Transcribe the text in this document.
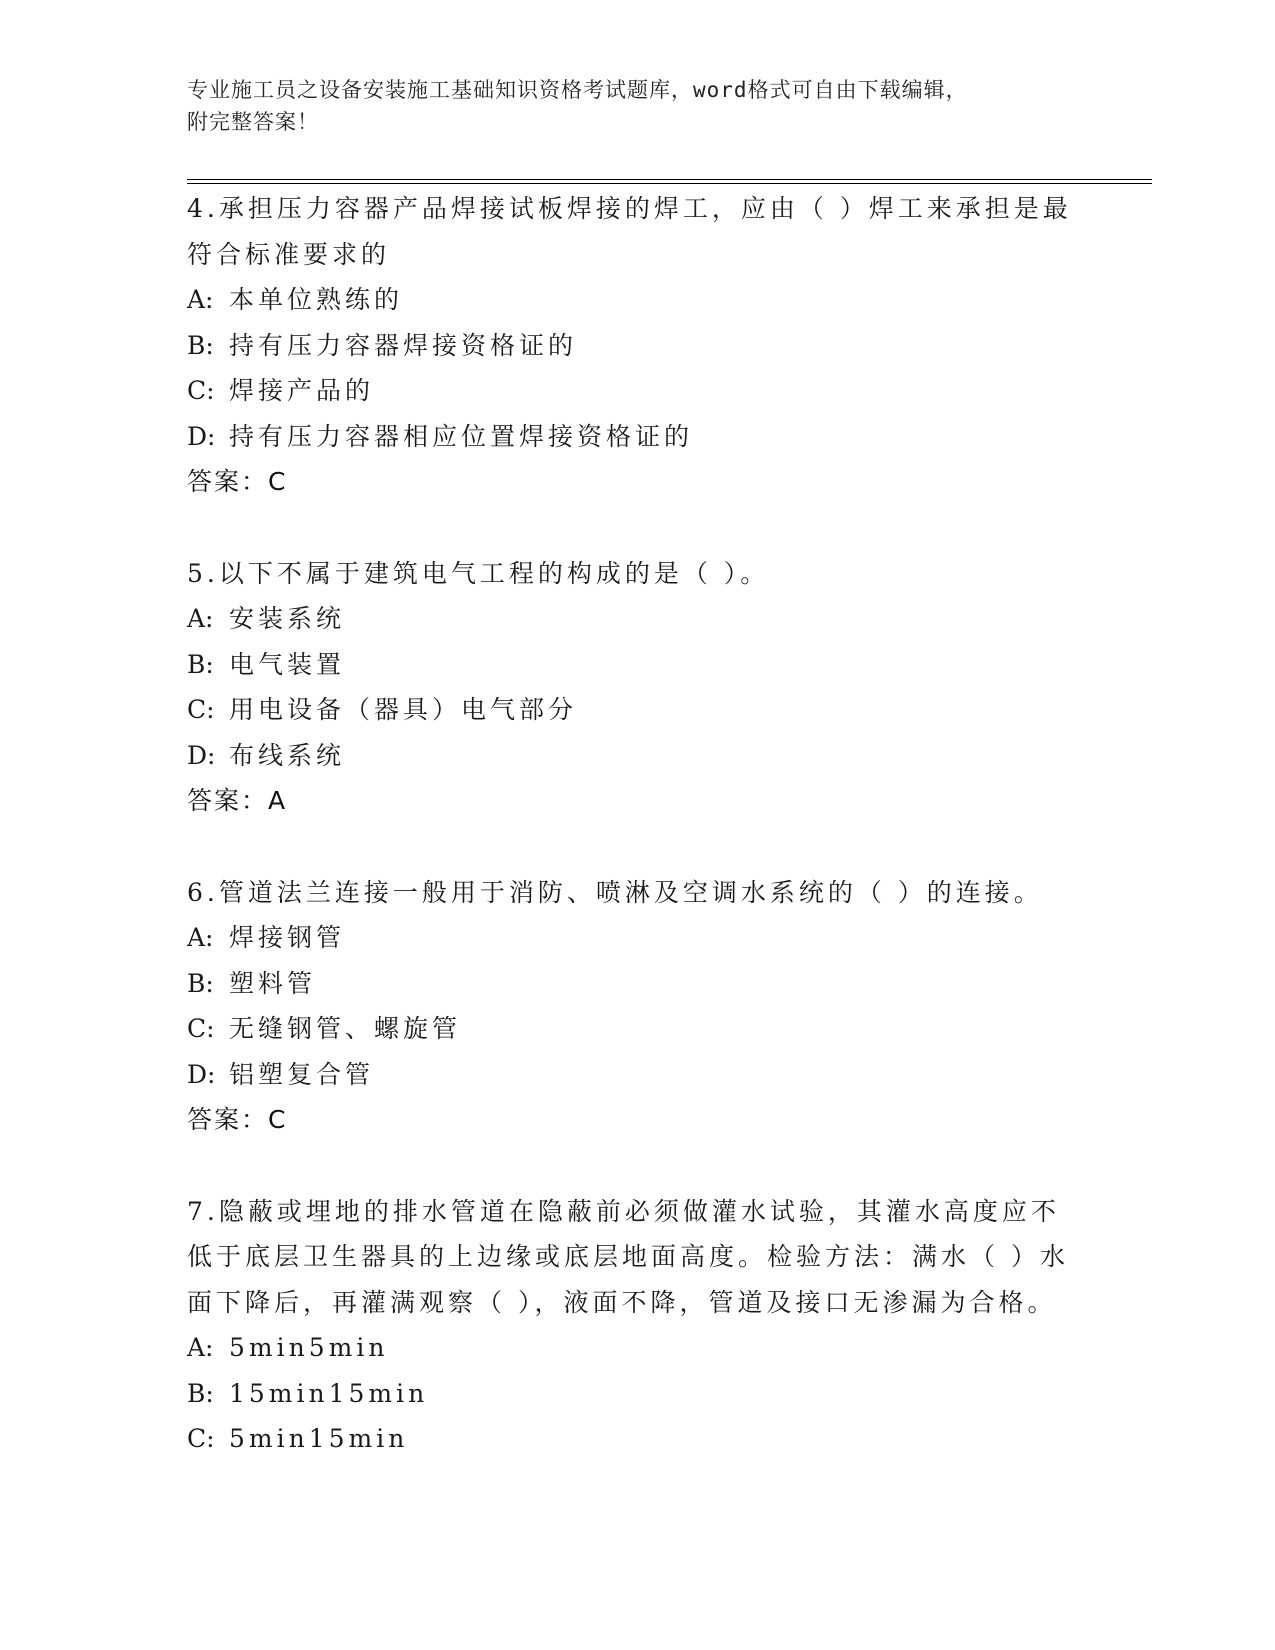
专业施工员之设备安装施工基础知识资格考试题库，word格式可自由下载编辑，
附完整答案！
4.承担压力容器产品焊接试板焊接的焊工，应由（ ）焊工来承担是最
符合标准要求的
A: 本单位熟练的
B: 持有压力容器焊接资格证的
C: 焊接产品的
D: 持有压力容器相应位置焊接资格证的
答案：C
5.以下不属于建筑电气工程的构成的是（ ）。
A: 安装系统
B: 电气装置
C: 用电设备（器具）电气部分
D: 布线系统
答案：A
6.管道法兰连接一般用于消防、喷淋及空调水系统的（ ）的连接。
A: 焊接钢管
B: 塑料管
C: 无缝钢管、螺旋管
D: 铝塑复合管
答案：C
7.隐蔽或埋地的排水管道在隐蔽前必须做灌水试验，其灌水高度应不
低于底层卫生器具的上边缘或底层地面高度。检验方法：满水（ ）水
面下降后，再灌满观察（ ），液面不降，管道及接口无渗漏为合格。
A: 5min5min
B: 15min15min
C: 5min15min
